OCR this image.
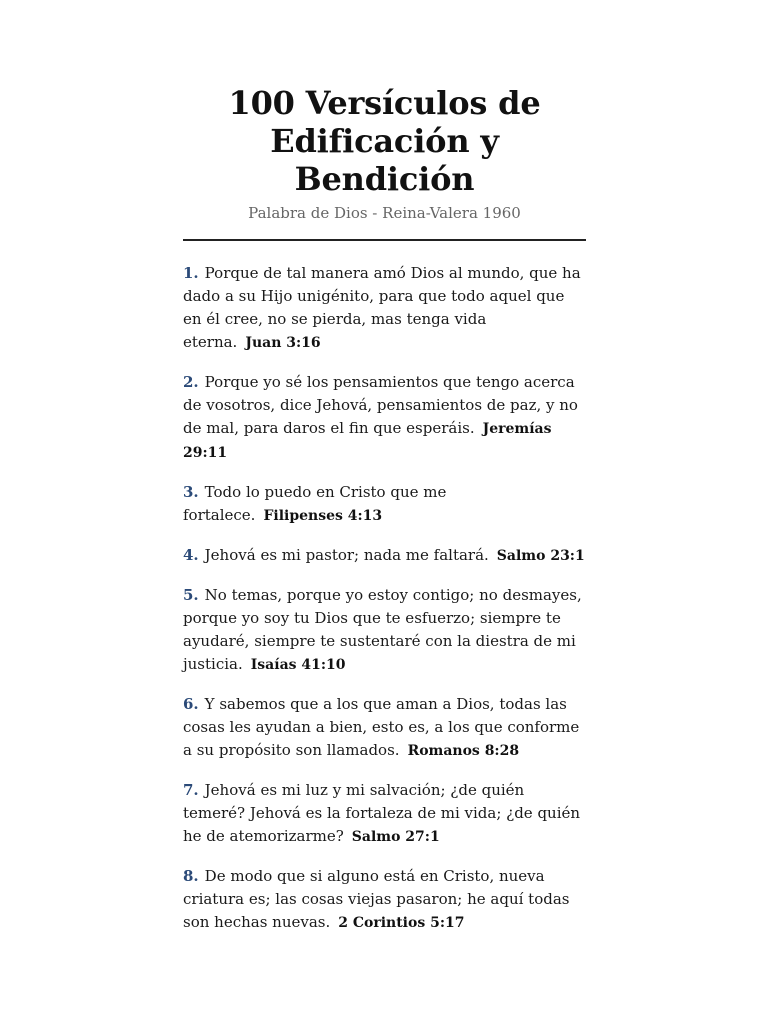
100 Versículos de Edificación y Bendición
Palabra de Dios - Reina-Valera 1960
1. Porque de tal manera amó Dios al mundo, que ha dado a su Hijo unigénito, para que todo aquel que en él cree, no se pierda, mas tenga vida eterna. Juan 3:16
2. Porque yo sé los pensamientos que tengo acerca de vosotros, dice Jehová, pensamientos de paz, y no de mal, para daros el fin que esperáis. Jeremías 29:11
3. Todo lo puedo en Cristo que me fortalece. Filipenses 4:13
4. Jehová es mi pastor; nada me faltará. Salmo 23:1
5. No temas, porque yo estoy contigo; no desmayes, porque yo soy tu Dios que te esfuerzo; siempre te ayudaré, siempre te sustentaré con la diestra de mi justicia. Isaías 41:10
6. Y sabemos que a los que aman a Dios, todas las cosas les ayudan a bien, esto es, a los que conforme a su propósito son llamados. Romanos 8:28
7. Jehová es mi luz y mi salvación; ¿de quién temeré? Jehová es la fortaleza de mi vida; ¿de quién he de atemorizarme? Salmo 27:1
8. De modo que si alguno está en Cristo, nueva criatura es; las cosas viejas pasaron; he aquí todas son hechas nuevas. 2 Corintios 5:17
